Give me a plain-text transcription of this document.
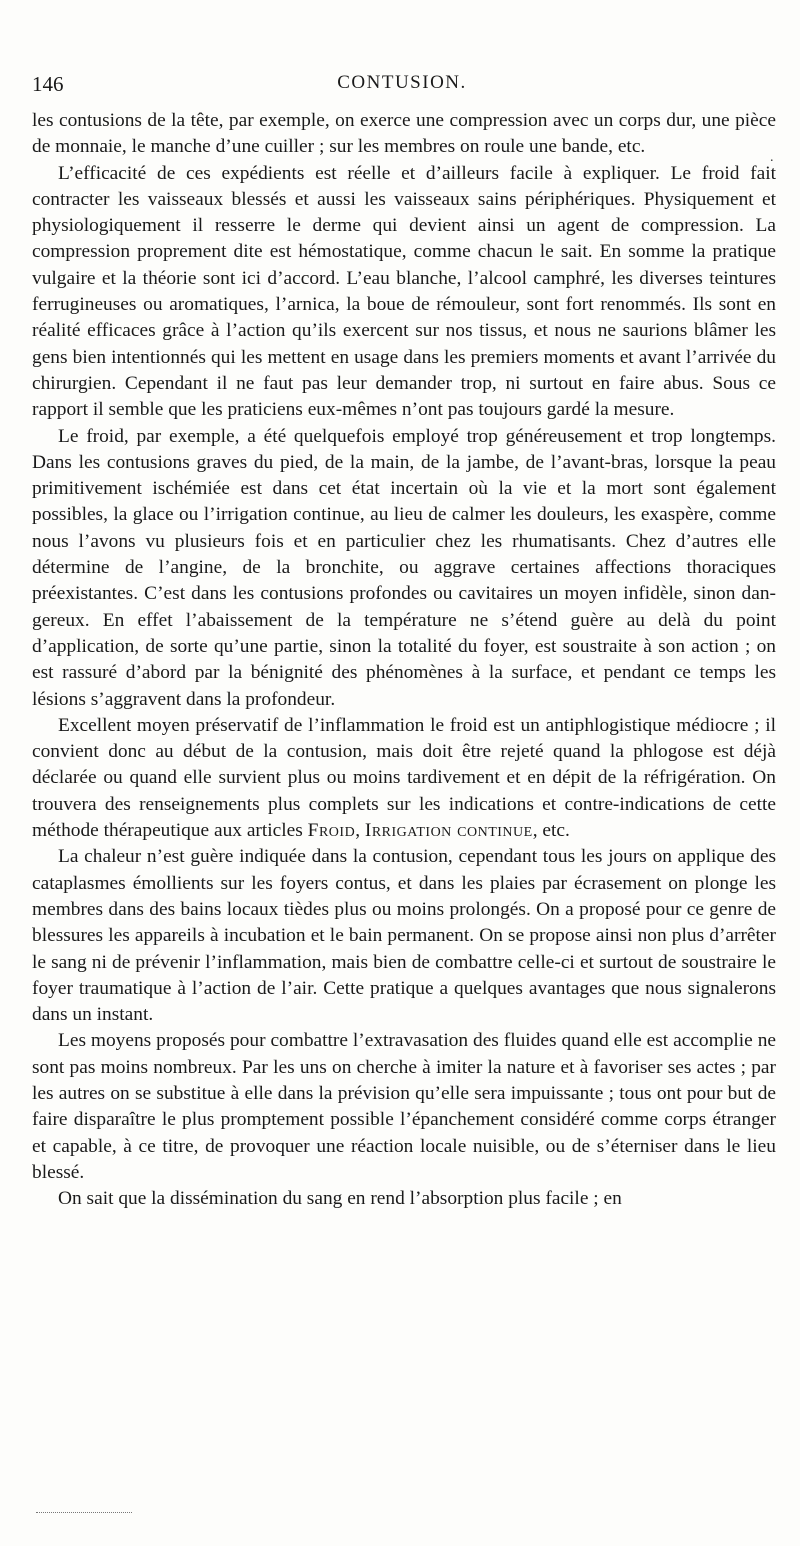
146	CONTUSION.

les contusions de la tête, par exemple, on exerce une compression avec un corps dur, une pièce de monnaie, le manche d’une cuiller ; sur les membres on roule une bande, etc.

L’efficacité de ces expédients est réelle et d’ailleurs facile à expliquer. Le froid fait contracter les vaisseaux blessés et aussi les vaisseaux sains périphériques. Physiquement et physiologiquement il resserre le derme qui devient ainsi un agent de compression. La compression proprement dite est hémostatique, comme chacun le sait. En somme la pratique vulgaire et la théorie sont ici d’accord. L’eau blanche, l’alcool camphré, les diverses teintures ferrugineuses ou aromatiques, l’arnica, la boue de rémouleur, sont fort renommés. Ils sont en réalité efficaces grâce à l’action qu’ils exercent sur nos tissus, et nous ne saurions blâmer les gens bien intentionnés qui les mettent en usage dans les premiers moments et avant l’arrivée du chirurgien. Cependant il ne faut pas leur demander trop, ni surtout en faire abus. Sous ce rapport il semble que les praticiens eux-mêmes n’ont pas toujours gardé la mesure.

Le froid, par exemple, a été quelquefois employé trop généreusement et trop longtemps. Dans les contusions graves du pied, de la main, de la jambe, de l’avant-bras, lorsque la peau primitivement ischémiée est dans cet état incertain où la vie et la mort sont également possibles, la glace ou l’irrigation continue, au lieu de calmer les douleurs, les exaspère, comme nous l’avons vu plusieurs fois et en particulier chez les rhumatisants. Chez d’autres elle détermine de l’angine, de la bronchite, ou aggrave certaines affections thoraciques préexistantes. C’est dans les contusions profondes ou cavitaires un moyen infidèle, sinon dangereux. En effet l’abaissement de la température ne s’étend guère au delà du point d’application, de sorte qu’une partie, sinon la totalité du foyer, est soustraite à son action ; on est rassuré d’abord par la bénignité des phénomènes à la surface, et pendant ce temps les lésions s’aggravent dans la profondeur.

Excellent moyen préservatif de l’inflammation le froid est un antiphlogistique médiocre ; il convient donc au début de la contusion, mais doit être rejeté quand la phlogose est déjà déclarée ou quand elle survient plus ou moins tardivement et en dépit de la réfrigération. On trouvera des renseignements plus complets sur les indications et contre-indications de cette méthode thérapeutique aux articles Froid, Irrigation continue, etc.

La chaleur n’est guère indiquée dans la contusion, cependant tous les jours on applique des cataplasmes émollients sur les foyers contus, et dans les plaies par écrasement on plonge les membres dans des bains locaux tièdes plus ou moins prolongés. On a proposé pour ce genre de blessures les appareils à incubation et le bain permanent. On se propose ainsi non plus d’arrêter le sang ni de prévenir l’inflammation, mais bien de combattre celle-ci et surtout de soustraire le foyer traumatique à l’action de l’air. Cette pratique a quelques avantages que nous signalerons dans un instant.

Les moyens proposés pour combattre l’extravasation des fluides quand elle est accomplie ne sont pas moins nombreux. Par les uns on cherche à imiter la nature et à favoriser ses actes ; par les autres on se substitue à elle dans la prévision qu’elle sera impuissante ; tous ont pour but de faire disparaître le plus promptement possible l’épanchement considéré comme corps étranger et capable, à ce titre, de provoquer une réaction locale nuisible, ou de s’éterniser dans le lieu blessé.

On sait que la dissémination du sang en rend l’absorption plus facile ; en

.
